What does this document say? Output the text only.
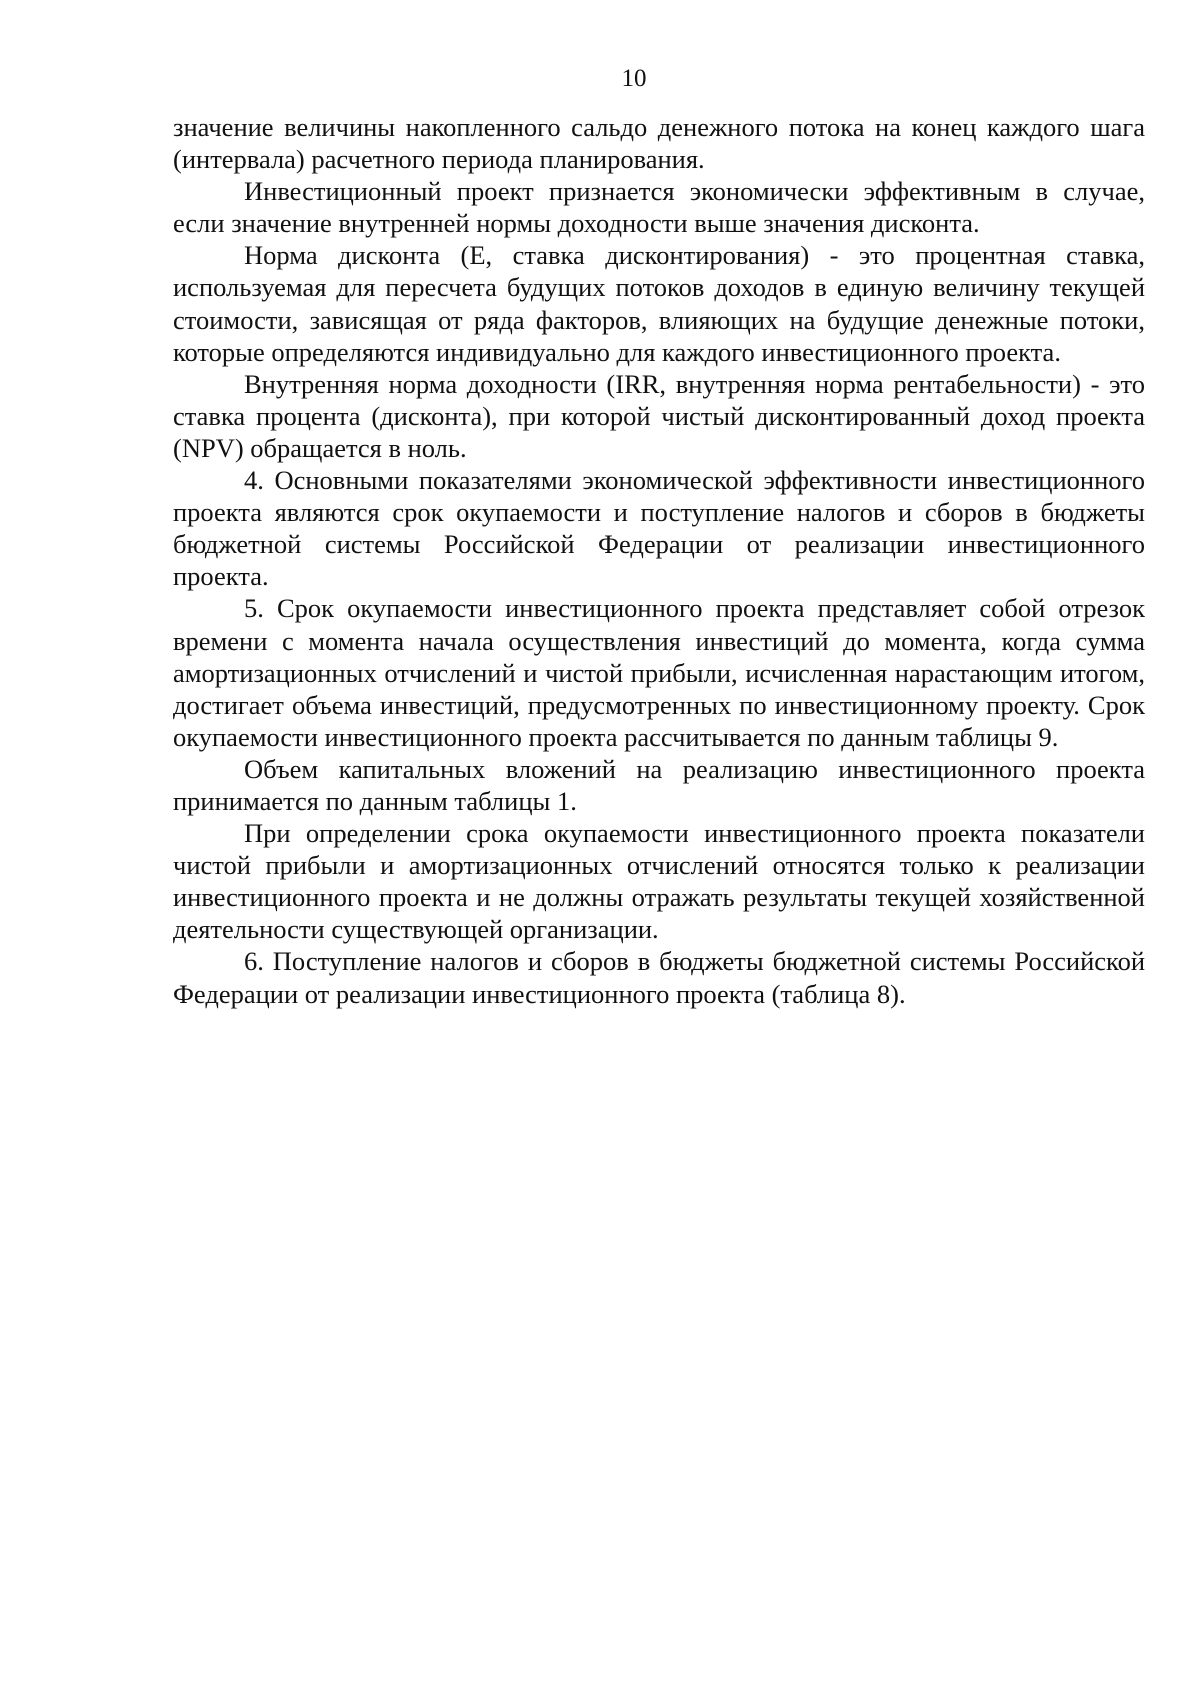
10

значение величины накопленного сальдо денежного потока на конец каждого шага (интервала) расчетного периода планирования.

Инвестиционный проект признается экономически эффективным в случае, если значение внутренней нормы доходности выше значения дисконта.

Норма дисконта (Е, ставка дисконтирования) - это процентная ставка, используемая для пересчета будущих потоков доходов в единую величину текущей стоимости, зависящая от ряда факторов, влияющих на будущие денежные потоки, которые определяются индивидуально для каждого инвестиционного проекта.

Внутренняя норма доходности (IRR, внутренняя норма рентабельности) - это ставка процента (дисконта), при которой чистый дисконтированный доход проекта (NPV) обращается в ноль.

4. Основными показателями экономической эффективности инвестиционного проекта являются срок окупаемости и поступление налогов и сборов в бюджеты бюджетной системы Российской Федерации от реализации инвестиционного проекта.

5. Срок окупаемости инвестиционного проекта представляет собой отрезок времени с момента начала осуществления инвестиций до момента, когда сумма амортизационных отчислений и чистой прибыли, исчисленная нарастающим итогом, достигает объема инвестиций, предусмотренных по инвестиционному проекту. Срок окупаемости инвестиционного проекта рассчитывается по данным таблицы 9.

Объем капитальных вложений на реализацию инвестиционного проекта принимается по данным таблицы 1.

При определении срока окупаемости инвестиционного проекта показатели чистой прибыли и амортизационных отчислений относятся только к реализации инвестиционного проекта и не должны отражать результаты текущей хозяйственной деятельности существующей организации.

6. Поступление налогов и сборов в бюджеты бюджетной системы Российской Федерации от реализации инвестиционного проекта (таблица 8).
